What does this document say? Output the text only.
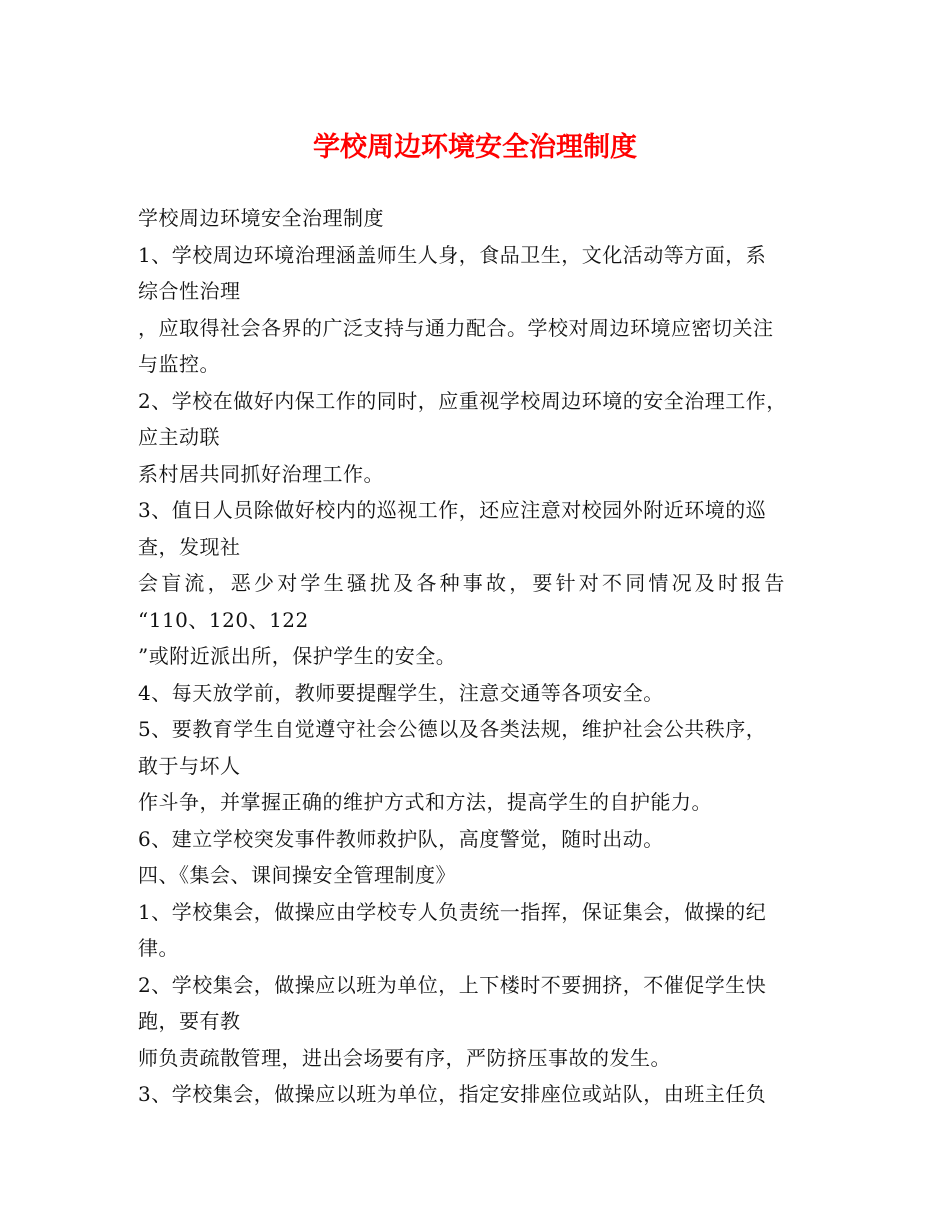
学校周边环境安全治理制度
学校周边环境安全治理制度
1、学校周边环境治理涵盖师生人身，食品卫生，文化活动等方面，系
综合性治理
，应取得社会各界的广泛支持与通力配合。学校对周边环境应密切关注
与监控。
2、学校在做好内保工作的同时，应重视学校周边环境的安全治理工作，
应主动联
系村居共同抓好治理工作。
3、值日人员除做好校内的巡视工作，还应注意对校园外附近环境的巡
查，发现社
会盲流，恶少对学生骚扰及各种事故，要针对不同情况及时报告
“110、120、122
”或附近派出所，保护学生的安全。
4、每天放学前，教师要提醒学生，注意交通等各项安全。
5、要教育学生自觉遵守社会公德以及各类法规，维护社会公共秩序，
敢于与坏人
作斗争，并掌握正确的维护方式和方法，提高学生的自护能力。
6、建立学校突发事件教师救护队，高度警觉，随时出动。
四、《集会、课间操安全管理制度》
1、学校集会，做操应由学校专人负责统一指挥，保证集会，做操的纪
律。
2、学校集会，做操应以班为单位，上下楼时不要拥挤，不催促学生快
跑，要有教
师负责疏散管理，进出会场要有序，严防挤压事故的发生。
3、学校集会，做操应以班为单位，指定安排座位或站队，由班主任负
